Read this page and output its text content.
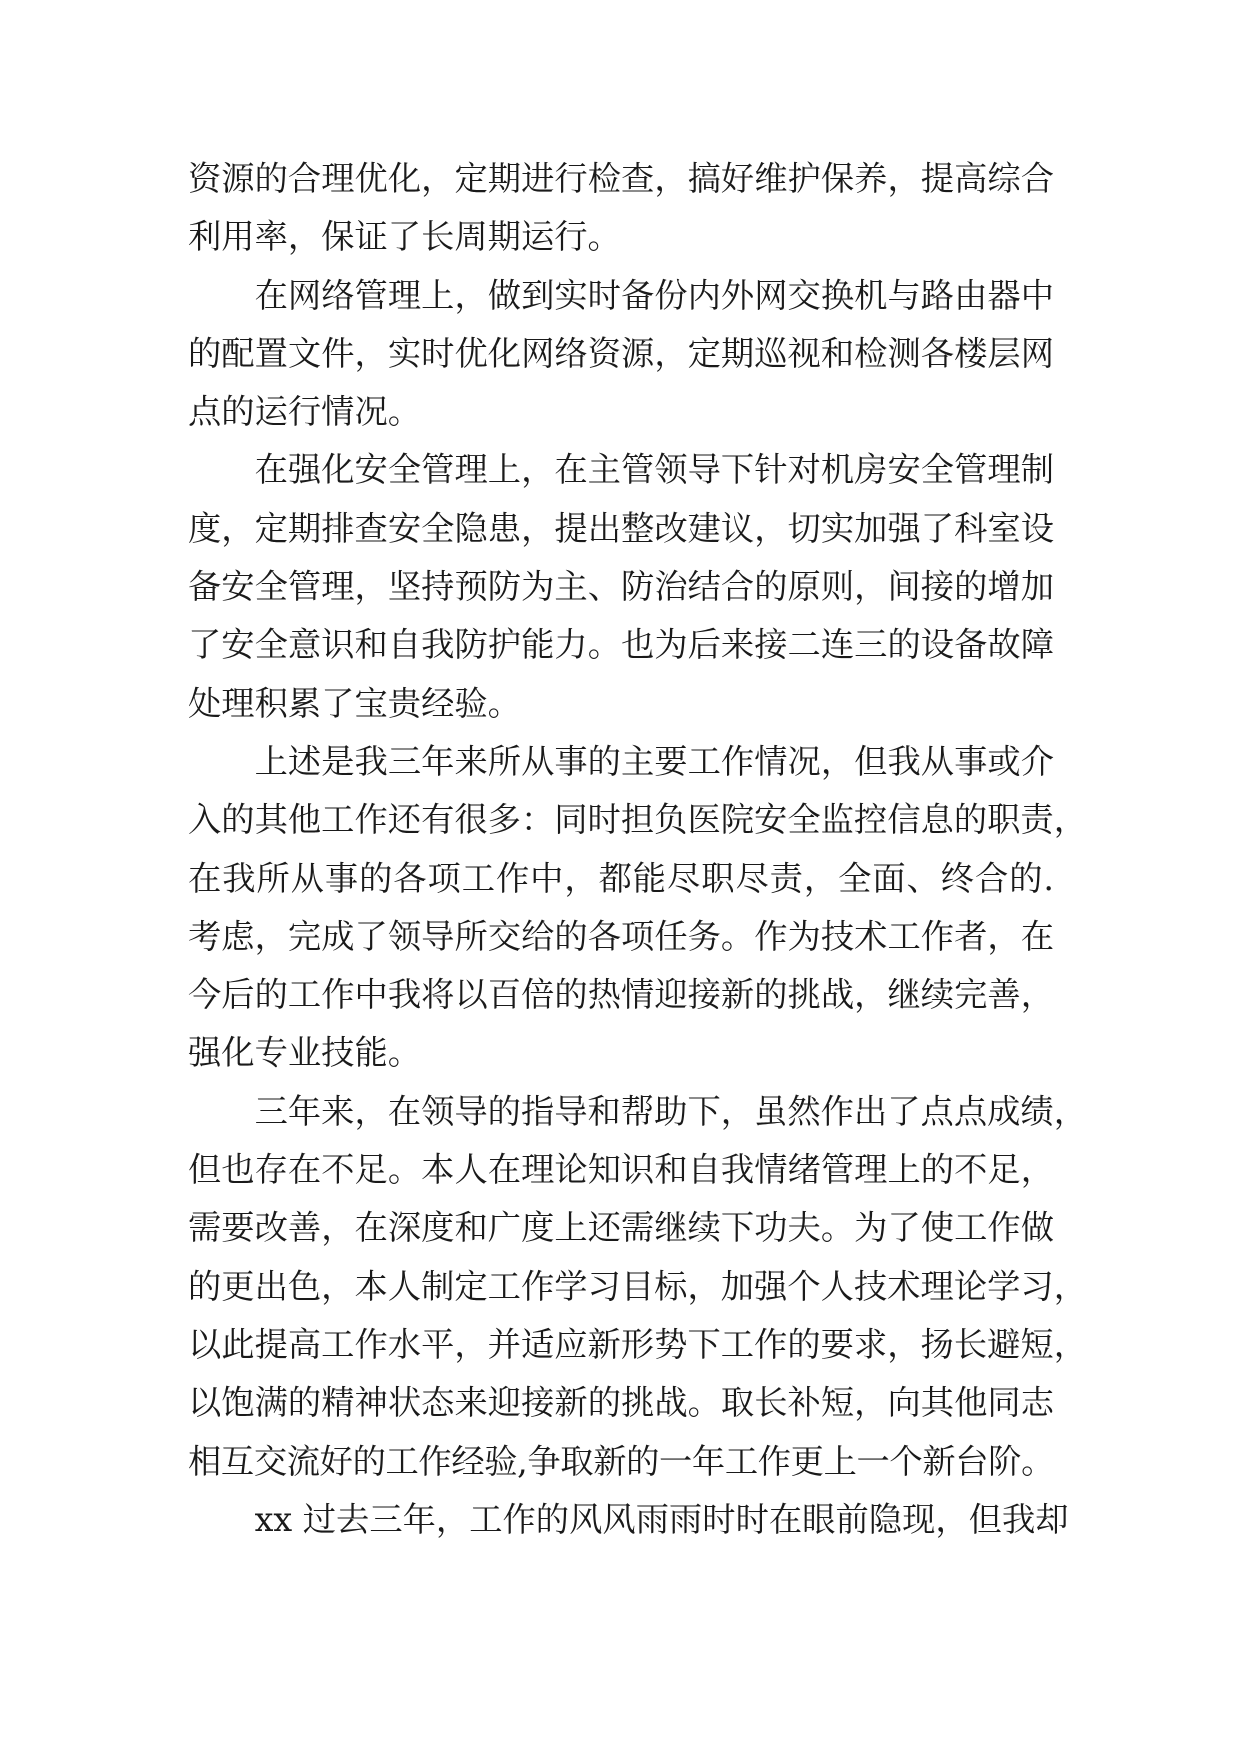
资源的合理优化，定期进行检查，搞好维护保养，提高综合
利用率，保证了长周期运行。
在网络管理上，做到实时备份内外网交换机与路由器中
的配置文件，实时优化网络资源，定期巡视和检测各楼层网
点的运行情况。
在强化安全管理上，在主管领导下针对机房安全管理制
度，定期排查安全隐患，提出整改建议，切实加强了科室设
备安全管理，坚持预防为主、防治结合的原则，间接的增加
了安全意识和自我防护能力。也为后来接二连三的设备故障
处理积累了宝贵经验。
上述是我三年来所从事的主要工作情况，但我从事或介
入的其他工作还有很多：同时担负医院安全监控信息的职责，
在我所从事的各项工作中，都能尽职尽责，全面、终合的.
考虑，完成了领导所交给的各项任务。作为技术工作者，在
今后的工作中我将以百倍的热情迎接新的挑战，继续完善，
强化专业技能。
三年来，在领导的指导和帮助下，虽然作出了点点成绩，
但也存在不足。本人在理论知识和自我情绪管理上的不足，
需要改善，在深度和广度上还需继续下功夫。为了使工作做
的更出色，本人制定工作学习目标，加强个人技术理论学习，
以此提高工作水平，并适应新形势下工作的要求，扬长避短，
以饱满的精神状态来迎接新的挑战。取长补短，向其他同志
相互交流好的工作经验,争取新的一年工作更上一个新台阶。
xx 过去三年，工作的风风雨雨时时在眼前隐现，但我却
